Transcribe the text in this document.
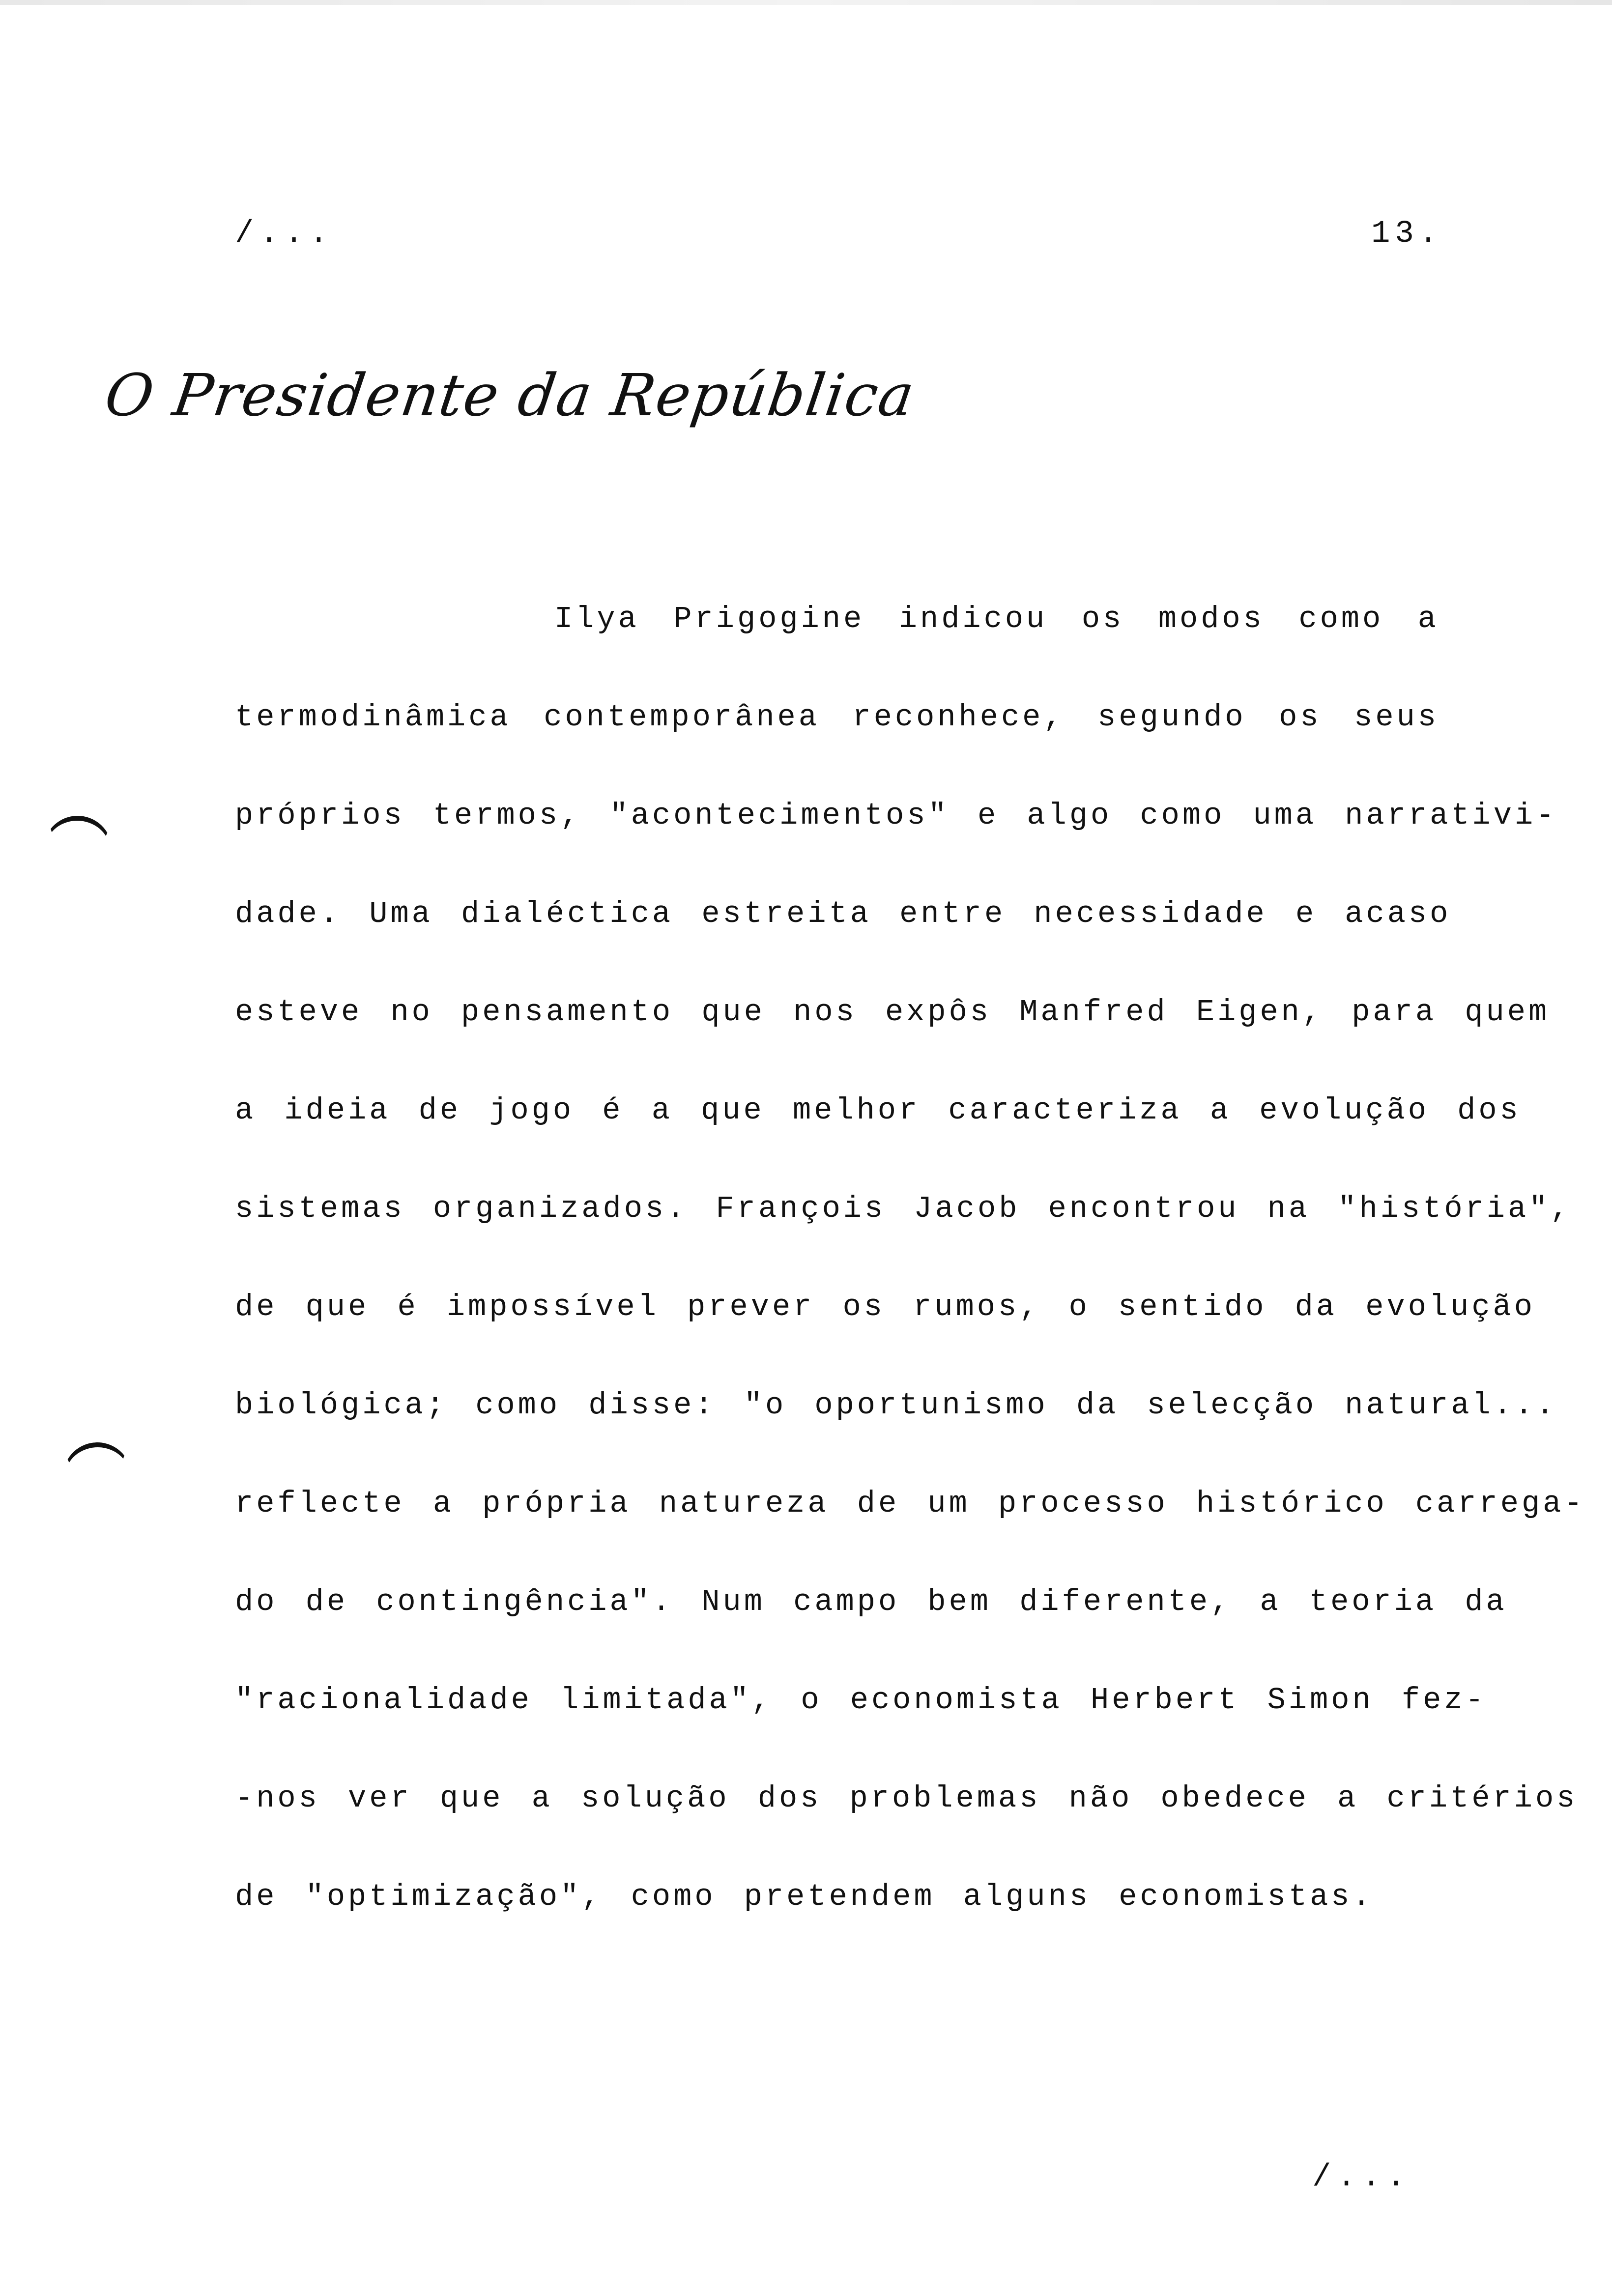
/...	13.
O Presidente da República
Ilya Prigogine indicou os modos como a
termodinâmica contemporânea reconhece, segundo os seus
próprios termos, "acontecimentos" e algo como uma narrativi-
dade. Uma dialéctica estreita entre necessidade e acaso
esteve no pensamento que nos expôs Manfred Eigen, para quem
a ideia de jogo é a que melhor caracteriza a evolução dos
sistemas organizados. François Jacob encontrou na "história",
de que é impossível prever os rumos, o sentido da evolução
biológica; como disse: "o oportunismo da selecção natural...
reflecte a própria natureza de um processo histórico carrega-
do de contingência". Num campo bem diferente, a teoria da
"racionalidade limitada", o economista Herbert Simon fez-
-nos ver que a solução dos problemas não obedece a critérios
de "optimização", como pretendem alguns economistas.
/...
